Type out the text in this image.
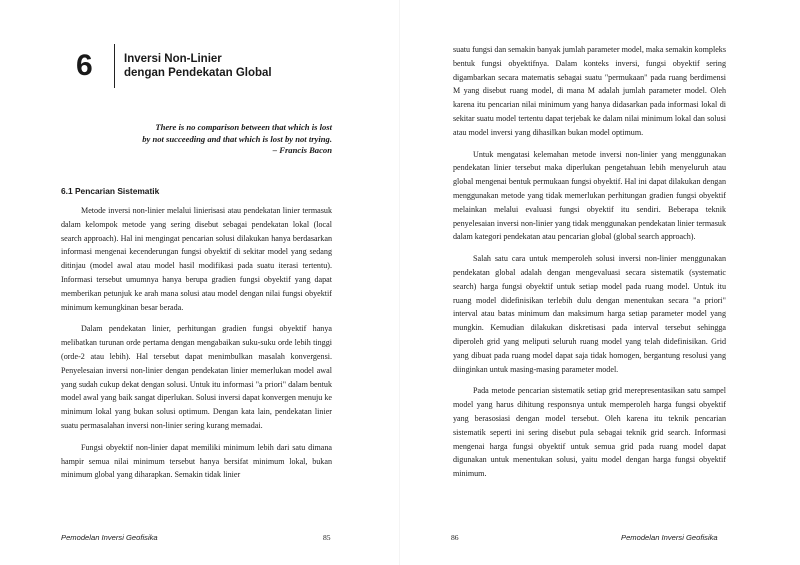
6	Inversi Non-Linier
dengan Pendekatan Global
There is no comparison between that which is lost
by not succeeding and that which is lost by not trying.
– Francis Bacon
6.1 Pencarian Sistematik

Metode inversi non-linier melalui linierisasi atau pendekatan linier termasuk dalam kelompok metode yang sering disebut sebagai pendekatan lokal (local search approach). Hal ini mengingat pencarian solusi dilakukan hanya berdasarkan informasi mengenai kecenderungan fungsi obyektif di sekitar model yang sedang ditinjau (model awal atau model hasil modifikasi pada suatu iterasi tertentu). Informasi tersebut umumnya hanya berupa gradien fungsi obyektif yang dapat memberikan petunjuk ke arah mana solusi atau model dengan nilai fungsi obyektif minimum kemungkinan besar berada.

Dalam pendekatan linier, perhitungan gradien fungsi obyektif hanya melibatkan turunan orde pertama dengan mengabaikan suku-suku orde lebih tinggi (orde-2 atau lebih). Hal tersebut dapat menimbulkan masalah konvergensi. Penyelesaian inversi non-linier dengan pendekatan linier memerlukan model awal yang sudah cukup dekat dengan solusi. Untuk itu informasi "a priori" dalam bentuk model awal yang baik sangat diperlukan. Solusi inversi dapat konvergen menuju ke minimum lokal yang bukan solusi optimum. Dengan kata lain, pendekatan linier suatu permasalahan inversi non-linier sering kurang memadai.

Fungsi obyektif non-linier dapat memiliki minimum lebih dari satu dimana hampir semua nilai minimum tersebut hanya bersifat minimum lokal, bukan minimum global yang diharapkan. Semakin tidak linier

Pemodelan Inversi Geofisika	85

suatu fungsi dan semakin banyak jumlah parameter model, maka semakin kompleks bentuk fungsi obyektifnya. Dalam konteks inversi, fungsi obyektif sering digambarkan secara matematis sebagai suatu "permukaan" pada ruang berdimensi M yang disebut ruang model, di mana M adalah jumlah parameter model. Oleh karena itu pencarian nilai minimum yang hanya didasarkan pada informasi lokal di sekitar suatu model tertentu dapat terjebak ke dalam nilai minimum lokal dan solusi atau model inversi yang dihasilkan bukan model optimum.

Untuk mengatasi kelemahan metode inversi non-linier yang menggunakan pendekatan linier tersebut maka diperlukan pengetahuan lebih menyeluruh atau global mengenai bentuk permukaan fungsi obyektif. Hal ini dapat dilakukan dengan menggunakan metode yang tidak memerlukan perhitungan gradien fungsi obyektif melainkan melalui evaluasi fungsi obyektif itu sendiri. Beberapa teknik penyelesaian inversi non-linier yang tidak menggunakan pendekatan linier termasuk dalam kategori pendekatan atau pencarian global (global search approach).

Salah satu cara untuk memperoleh solusi inversi non-linier menggunakan pendekatan global adalah dengan mengevaluasi secara sistematik (systematic search) harga fungsi obyektif untuk setiap model pada ruang model. Untuk itu ruang model didefinisikan terlebih dulu dengan menentukan secara "a priori" interval atau batas minimum dan maksimum harga setiap parameter model yang mungkin. Kemudian dilakukan diskretisasi pada interval tersebut sehingga diperoleh grid yang meliputi seluruh ruang model yang telah didefinisikan. Grid yang dibuat pada ruang model dapat saja tidak homogen, bergantung resolusi yang diinginkan untuk masing-masing parameter model.

Pada metode pencarian sistematik setiap grid merepresentasikan satu sampel model yang harus dihitung responsnya untuk memperoleh harga fungsi obyektif yang berasosiasi dengan model tersebut. Oleh karena itu teknik pencarian sistematik seperti ini sering disebut pula sebagai teknik grid search. Informasi mengenai harga fungsi obyektif untuk semua grid pada ruang model dapat digunakan untuk menentukan solusi, yaitu model dengan harga fungsi obyektif minimum.

86	Pemodelan Inversi Geofisika
